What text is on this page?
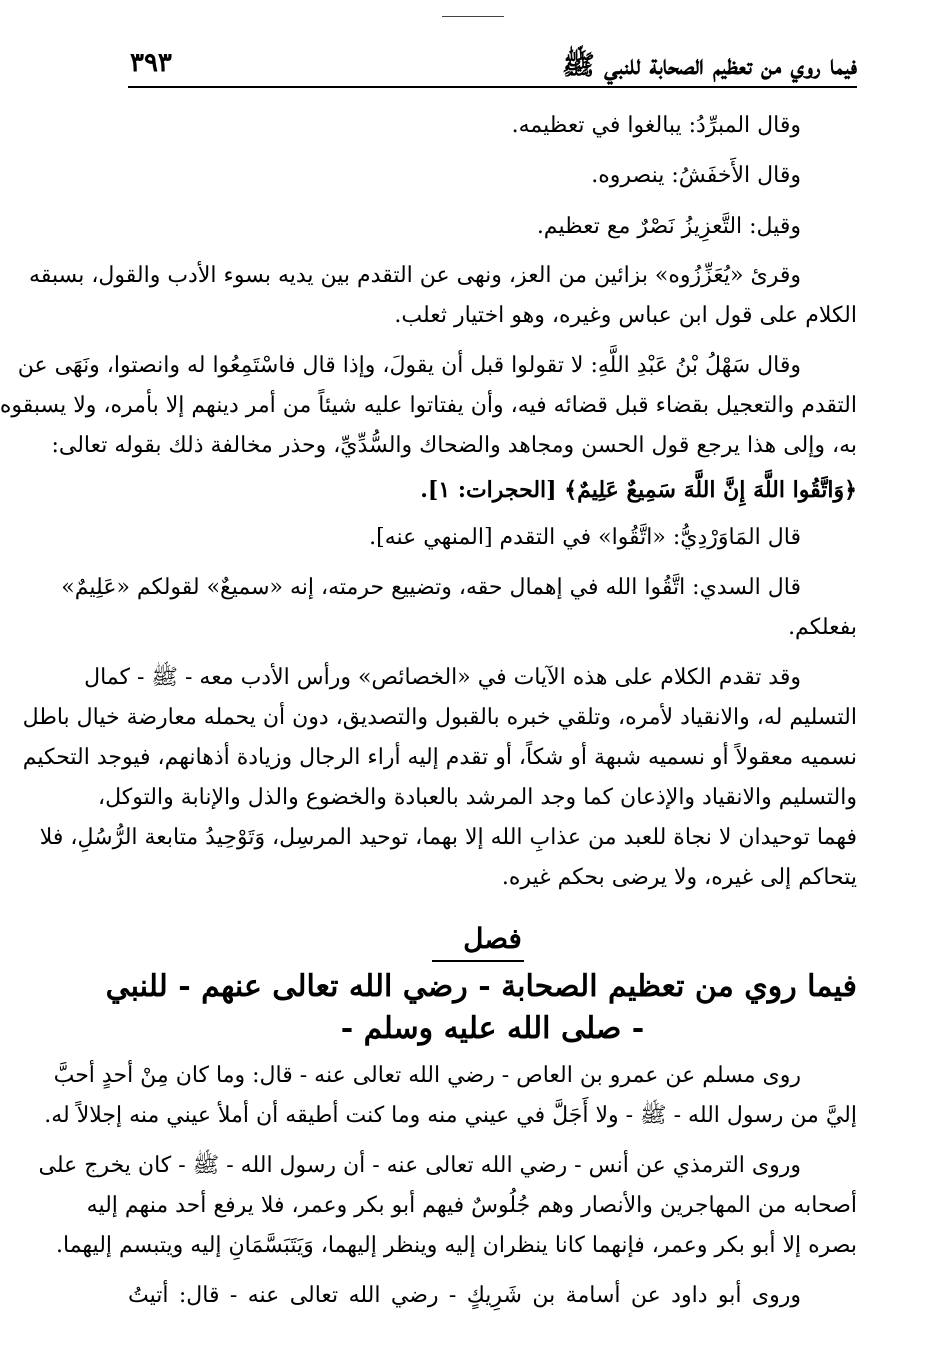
فيما روي من تعظيم الصحابة للنبي ﷺ
٣٩٣
وقال المبرِّدُ: يبالغوا في تعظيمه.
وقال الأَخفَشُ: ينصروه.
وقيل: التَّعزِيزُ نَصْرٌ مع تعظيم.
وقرئ «يُعَزِّزُوه» بزائين من العز، ونهى عن التقدم بين يديه بسوء الأدب والقول، بسبقه
الكلام على قول ابن عباس وغيره، وهو اختيار ثعلب.
وقال سَهْلُ بْنُ عَبْدِ اللَّهِ: لا تقولوا قبل أن يقولَ، وإذا قال فاسْتَمِعُوا له وانصتوا، ونَهَى عن
التقدم والتعجيل بقضاء قبل قضائه فيه، وأن يفتاتوا عليه شيئاً من أمر دينهم إلا بأمره، ولا يسبقوه
به، وإلى هذا يرجع قول الحسن ومجاهد والضحاك والسُّدِّيِّ، وحذر مخالفة ذلك بقوله تعالى:
﴿وَاتَّقُوا اللَّهَ إِنَّ اللَّهَ سَمِيعٌ عَلِيمٌ﴾ [الحجرات: ١].
قال المَاوَرْدِيُّ: «اتَّقُوا» في التقدم [المنهي عنه].
قال السدي: اتَّقُوا الله في إهمال حقه، وتضييع حرمته، إنه «سميعٌ» لقولكم «عَلِيمٌ»
بفعلكم.
وقد تقدم الكلام على هذه الآيات في «الخصائص» ورأس الأدب معه - ﷺ - كمال
التسليم له، والانقياد لأمره، وتلقي خبره بالقبول والتصديق، دون أن يحمله معارضة خيال باطل
نسميه معقولاً أو نسميه شبهة أو شكاً، أو تقدم إليه أراء الرجال وزيادة أذهانهم، فيوجد التحكيم
والتسليم والانقياد والإذعان كما وجد المرشد بالعبادة والخضوع والذل والإنابة والتوكل،
فهما توحيدان لا نجاة للعبد من عذابِ الله إلا بهما، توحيد المرسِل، وَتَوْحِيدُ متابعة الرُّسُلِ، فلا
يتحاكم إلى غيره، ولا يرضى بحكم غيره.
فصل
فيما روي من تعظيم الصحابة - رضي الله تعالى عنهم - للنبي
- صلى الله عليه وسلم -
روى مسلم عن عمرو بن العاص - رضي الله تعالى عنه - قال: وما كان مِنْ أحدٍ أحبَّ
إليَّ من رسول الله - ﷺ - ولا أَجَلَّ في عيني منه وما كنت أطيقه أن أملأ عيني منه إجلالاً له.
وروى الترمذي عن أنس - رضي الله تعالى عنه - أن رسول الله - ﷺ - كان يخرج على
أصحابه من المهاجرين والأنصار وهم جُلُوسٌ فيهم أبو بكر وعمر، فلا يرفع أحد منهم إليه
بصره إلا أبو بكر وعمر، فإنهما كانا ينظران إليه وينظر إليهما، وَيَتَبَسَّمَانِ إليه ويتبسم إليهما.
وروى أبو داود عن أسامة بن شَرِيكٍ - رضي الله تعالى عنه - قال: أتيتُ
